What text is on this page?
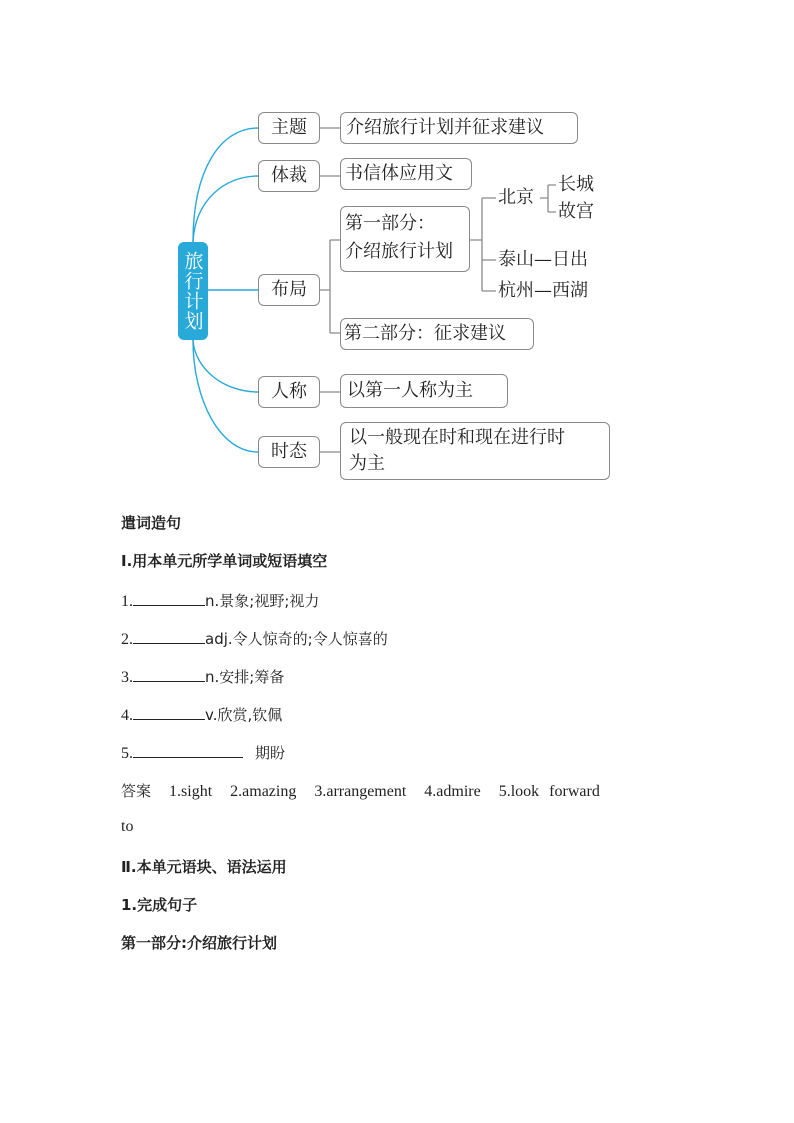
旅行计划
主题	介绍旅行计划并征求建议
体裁	书信体应用文
布局
第一部分：
介绍旅行计划
第二部分：征求建议
北京
长城
故宫
泰山—日出
杭州—西湖
人称	以第一人称为主
时态
以一般现在时和现在进行时
为主
遣词造句
Ⅰ.用本单元所学单词或短语填空
1.	n.景象;视野;视力
2.	adj.令人惊奇的;令人惊喜的
3.	n.安排;筹备
4.	v.欣赏,钦佩
5.	期盼
答案 1.sight 2.amazing 3.arrangement 4.admire 5.look forward
to
Ⅱ.本单元语块、语法运用
1.完成句子
第一部分:介绍旅行计划
